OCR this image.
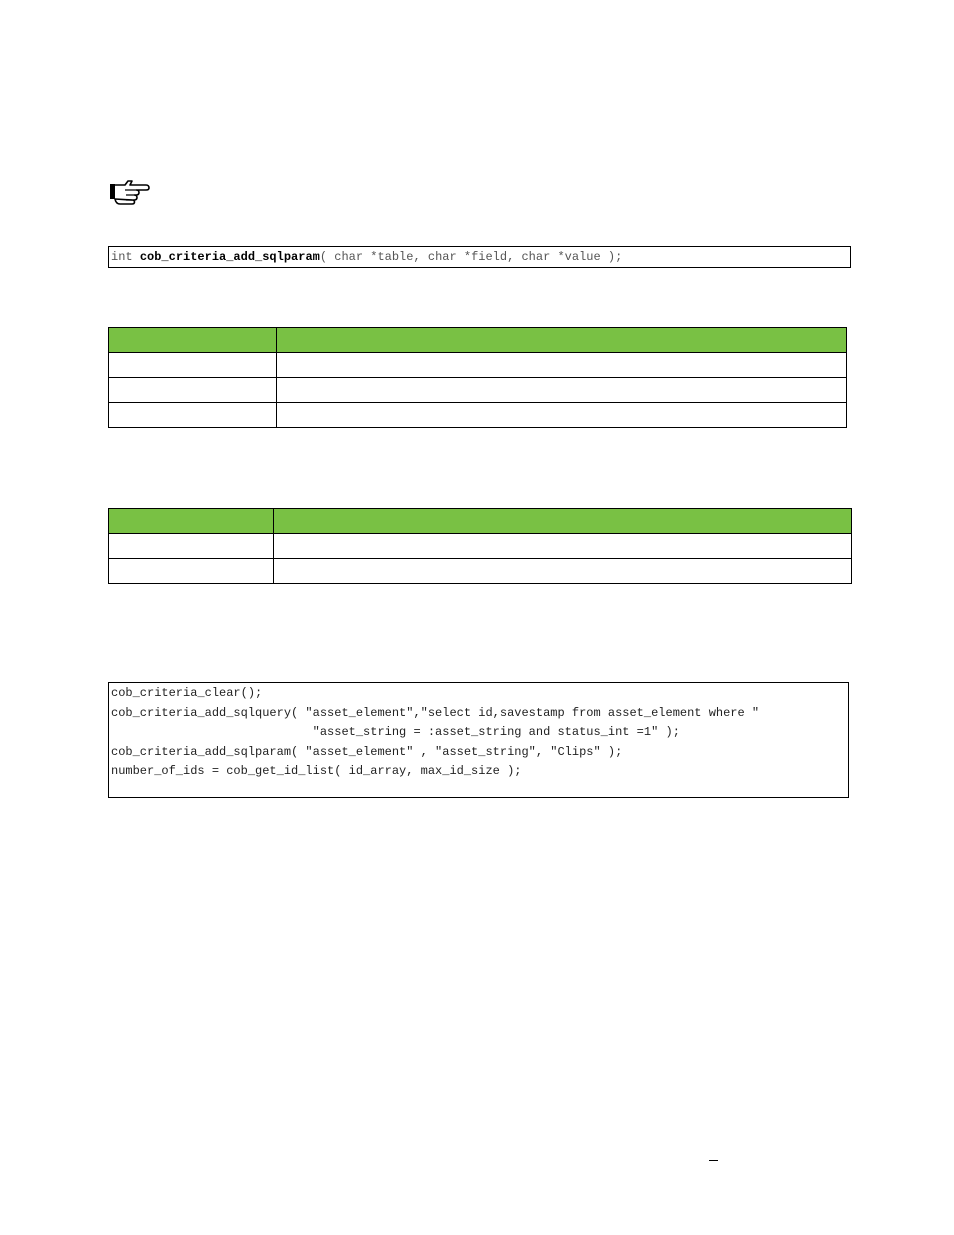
int cob_criteria_add_sqlparam( char *table, char *field, char *value );

cob_criteria_clear();
cob_criteria_add_sqlquery( "asset_element","select id,savestamp from asset_element where "
"asset_string = :asset_string and status_int =1" );
cob_criteria_add_sqlparam( "asset_element" , "asset_string", "Clips" );
number_of_ids = cob_get_id_list( id_array, max_id_size );
